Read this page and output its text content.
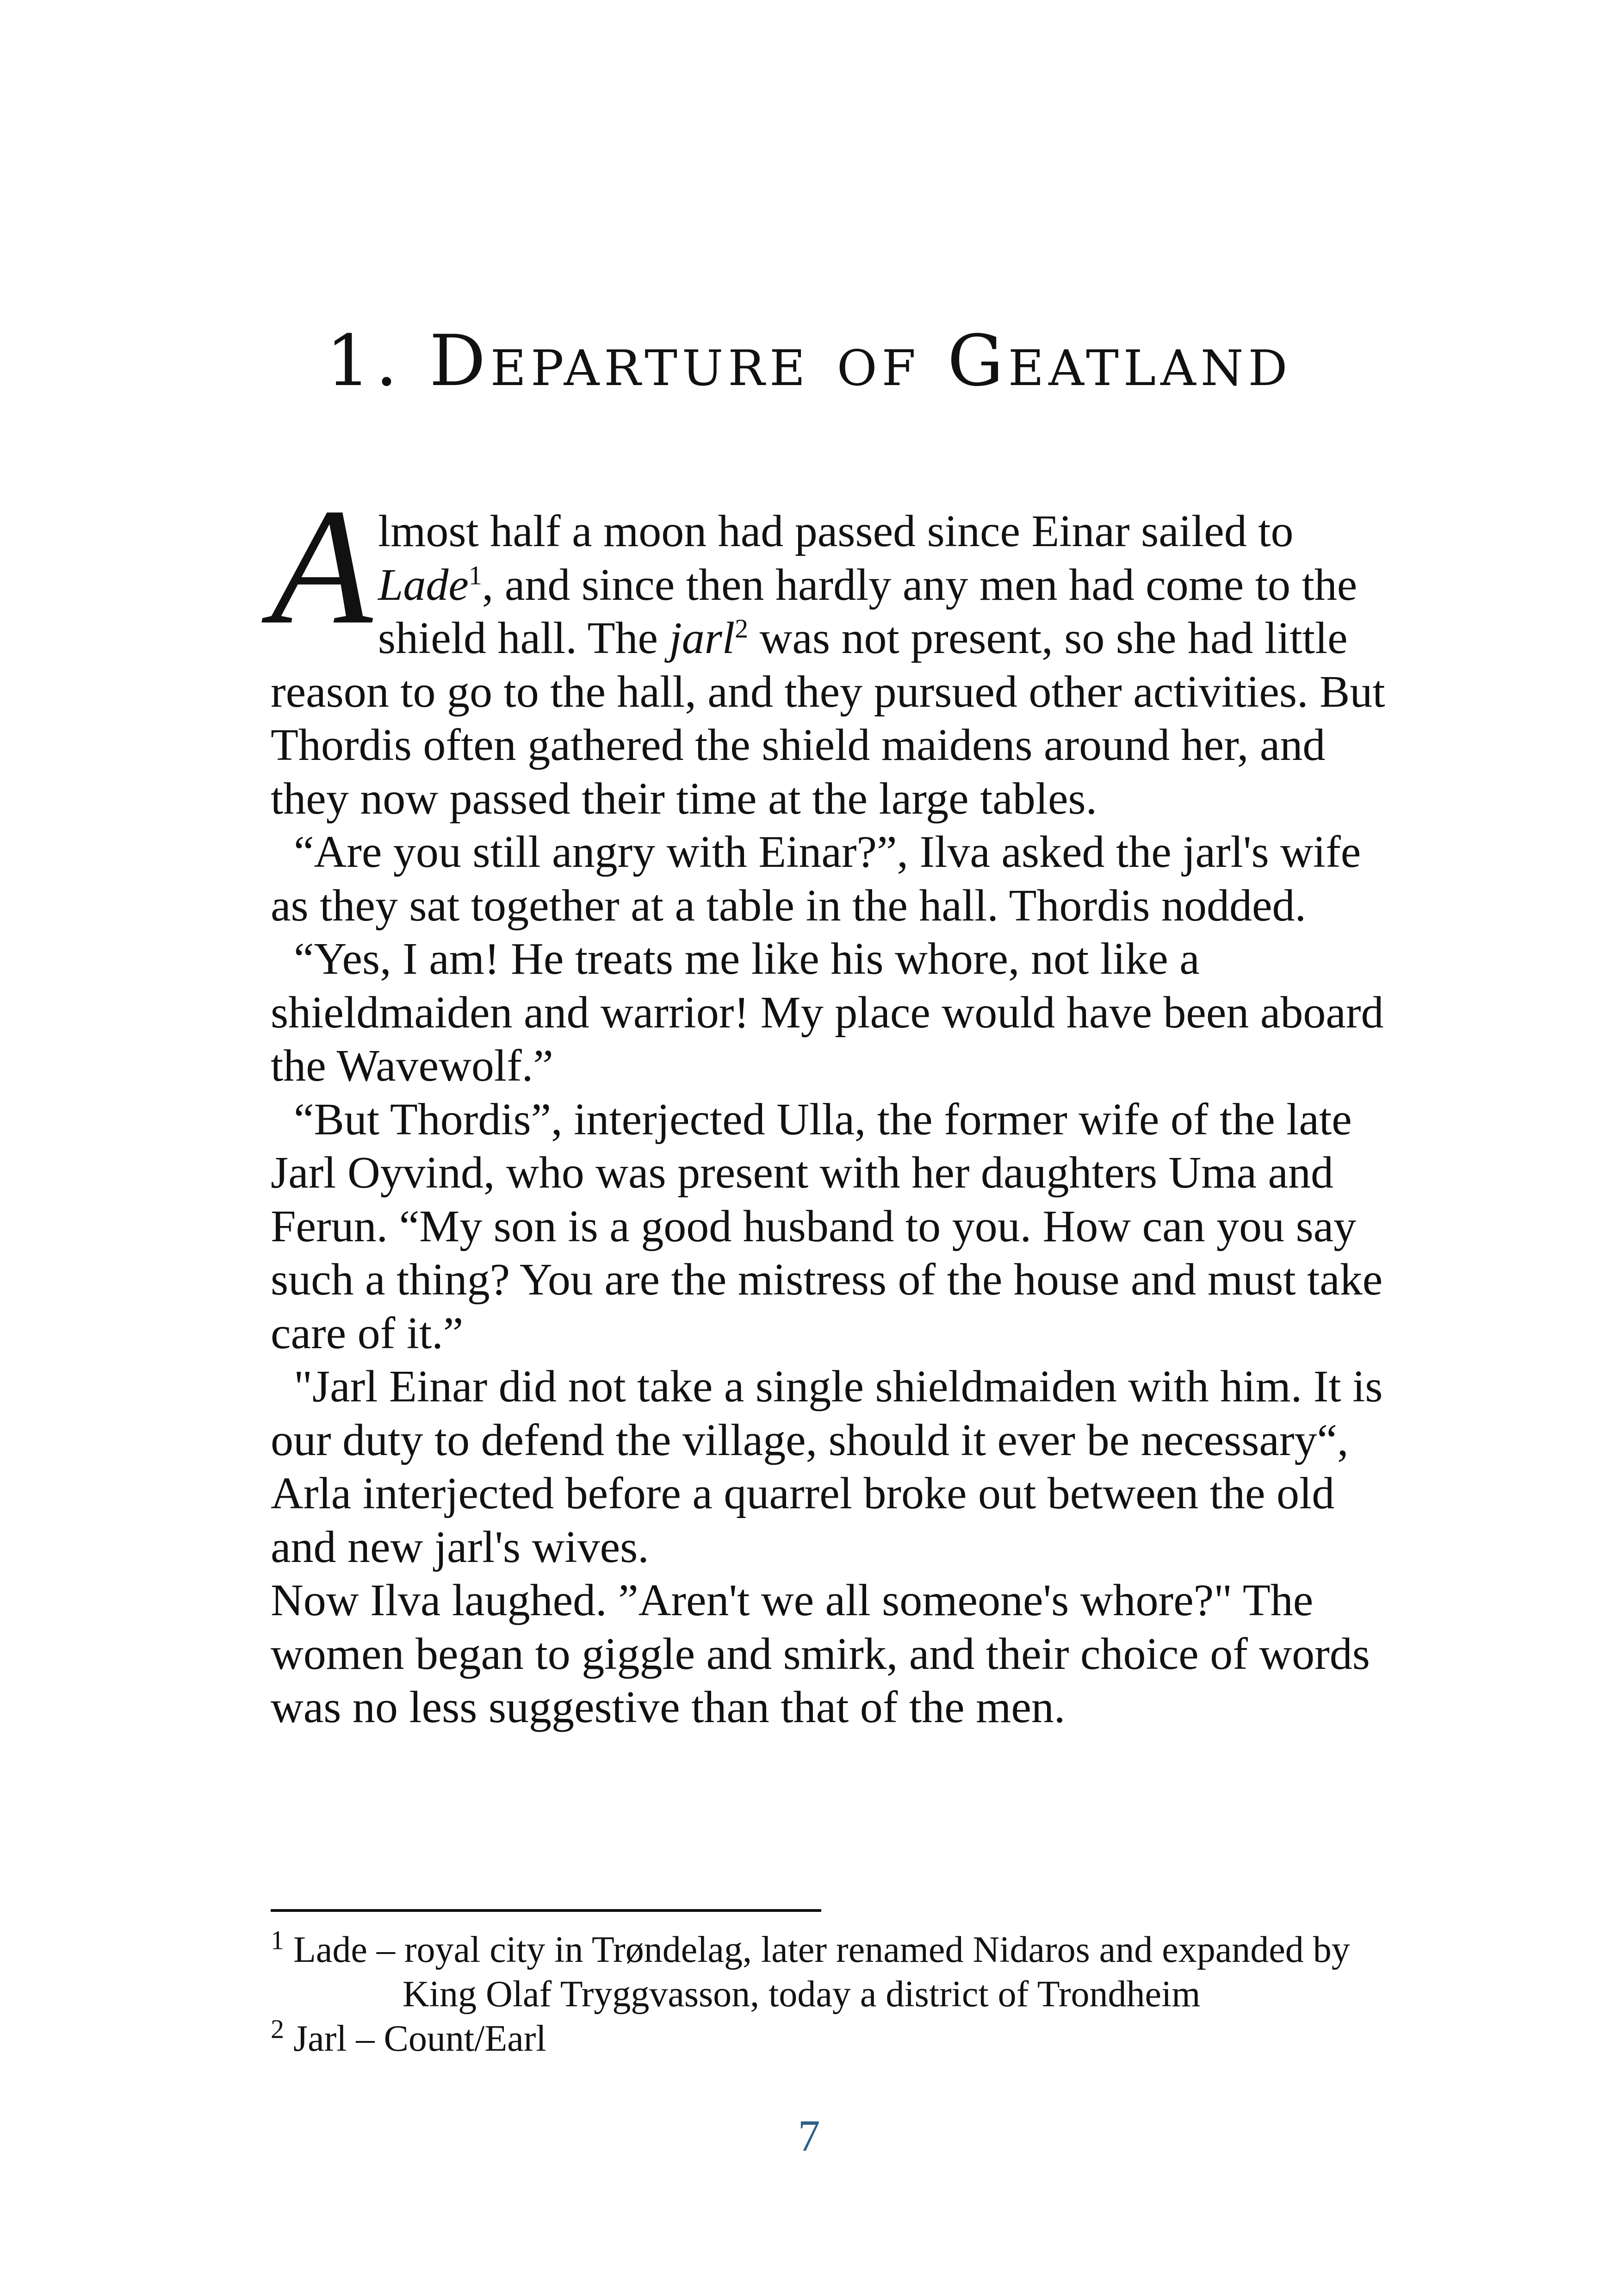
1. Departure of Geatland

Almost half a moon had passed since Einar sailed to Lade$^1$, and since then hardly any men had come to the shield hall. The jarl$^2$ was not present, so she had little reason to go to the hall, and they pursued other activities. But Thordis often gathered the shield maidens around her, and they now passed their time at the large tables.

“Are you still angry with Einar?”, Ilva asked the jarl's wife as they sat together at a table in the hall. Thordis nodded.

“Yes, I am! He treats me like his whore, not like a shieldmaiden and warrior! My place would have been aboard the Wavewolf.”

“But Thordis”, interjected Ulla, the former wife of the late Jarl Oyvind, who was present with her daughters Uma and Ferun. “My son is a good husband to you. How can you say such a thing? You are the mistress of the house and must take care of it.”

"Jarl Einar did not take a single shieldmaiden with him. It is our duty to defend the village, should it ever be necessary“, Arla interjected before a quarrel broke out between the old and new jarl's wives.

Now Ilva laughed. ”Aren't we all someone's whore?" The women began to giggle and smirk, and their choice of words was no less suggestive than that of the men.

$^1$ Lade – royal city in Trøndelag, later renamed Nidaros and expanded by

King Olaf Tryggvasson, today a district of Trondheim

$^2$ Jarl – Count/Earl

7
